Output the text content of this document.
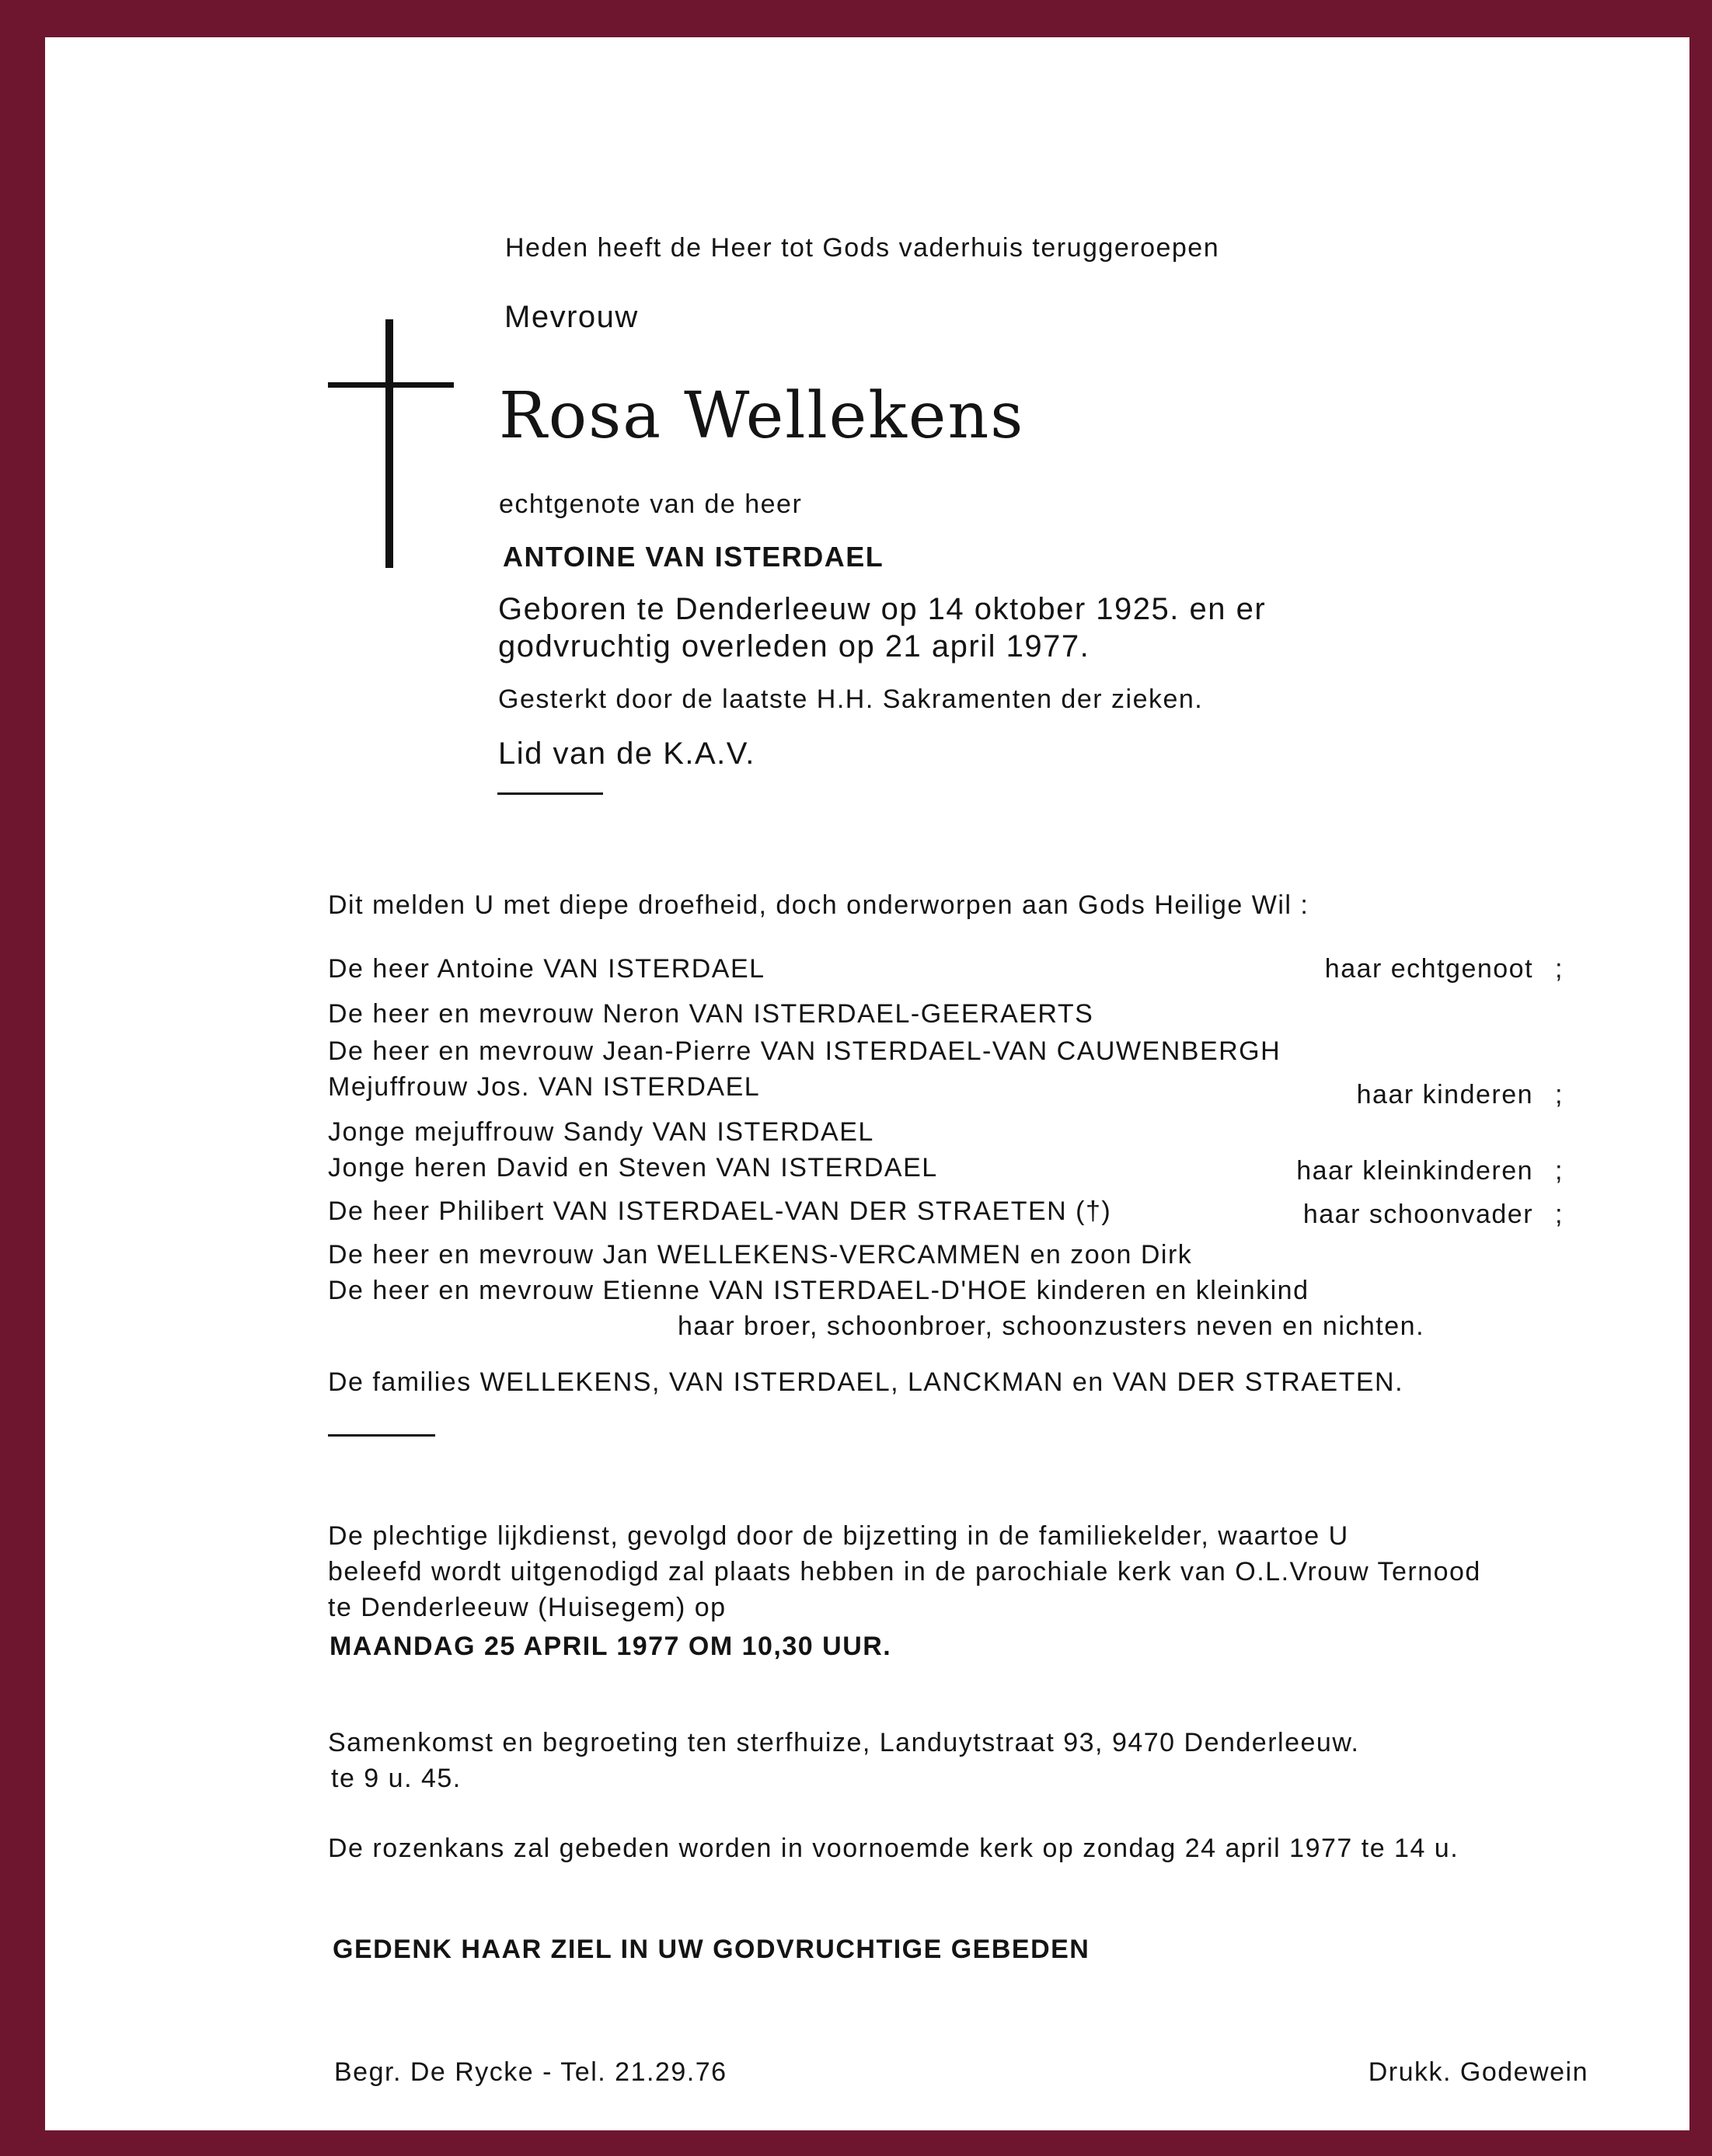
Heden heeft de Heer tot Gods vaderhuis teruggeroepen
Mevrouw
Rosa Wellekens
echtgenote van de heer
ANTOINE VAN ISTERDAEL
Geboren te Denderleeuw op 14 oktober 1925. en er
godvruchtig overleden op 21 april 1977.
Gesterkt door de laatste H.H. Sakramenten der zieken.
Lid van de K.A.V.
Dit melden U met diepe droefheid, doch onderworpen aan Gods Heilige Wil :
De heer Antoine VAN ISTERDAEL	haar echtgenoot ;
De heer en mevrouw Neron VAN ISTERDAEL-GEERAERTS
De heer en mevrouw Jean-Pierre VAN ISTERDAEL-VAN CAUWENBERGH
Mejuffrouw Jos. VAN ISTERDAEL	haar kinderen ;
Jonge mejuffrouw Sandy VAN ISTERDAEL
Jonge heren David en Steven VAN ISTERDAEL	haar kleinkinderen ;
De heer Philibert VAN ISTERDAEL-VAN DER STRAETEN (†)	haar schoonvader ;
De heer en mevrouw Jan WELLEKENS-VERCAMMEN en zoon Dirk
De heer en mevrouw Etienne VAN ISTERDAEL-D'HOE kinderen en kleinkind
haar broer, schoonbroer, schoonzusters neven en nichten.
De families WELLEKENS, VAN ISTERDAEL, LANCKMAN en VAN DER STRAETEN.
De plechtige lijkdienst, gevolgd door de bijzetting in de familiekelder, waartoe U
beleefd wordt uitgenodigd zal plaats hebben in de parochiale kerk van O.L.Vrouw Ternood
te Denderleeuw (Huisegem) op
MAANDAG 25 APRIL 1977 OM 10,30 UUR.
Samenkomst en begroeting ten sterfhuize, Landuytstraat 93, 9470 Denderleeuw.
te 9 u. 45.
De rozenkans zal gebeden worden in voornoemde kerk op zondag 24 april 1977 te 14 u.
GEDENK HAAR ZIEL IN UW GODVRUCHTIGE GEBEDEN
Begr. De Rycke - Tel. 21.29.76	Drukk. Godewein
